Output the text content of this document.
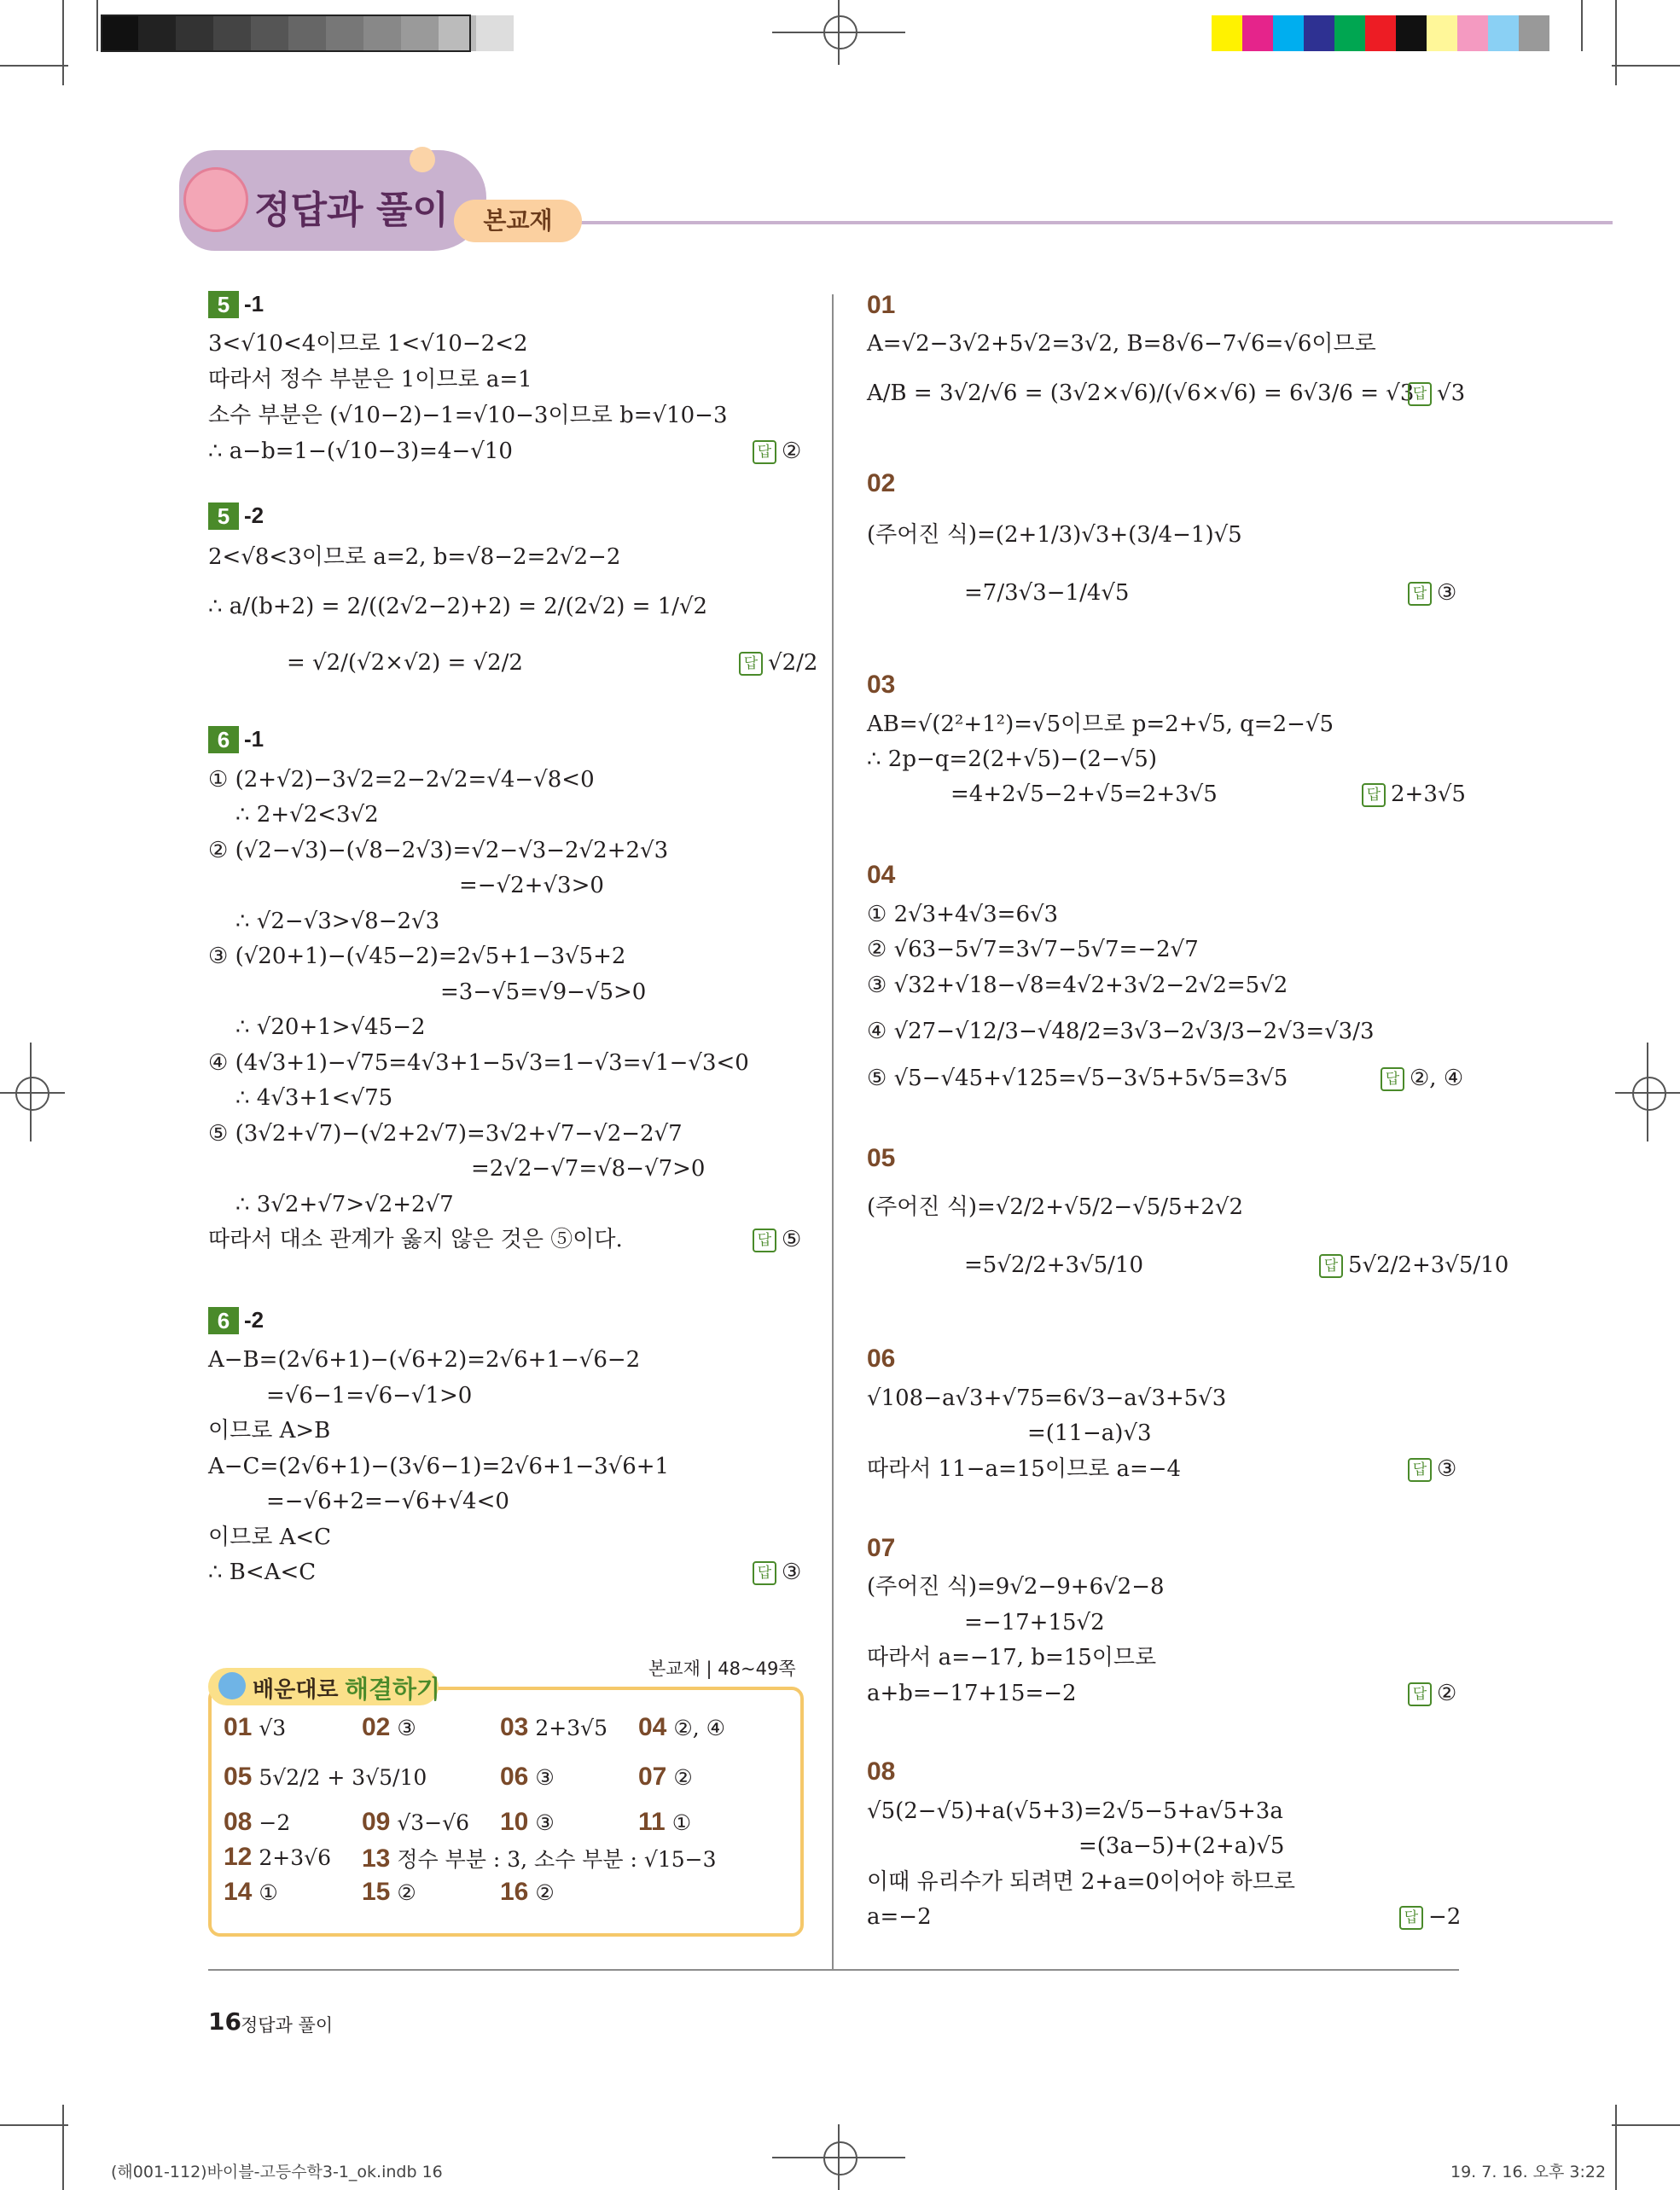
정답과 풀이	본교재
5 -1
3<√10<4이므로 1<√10−2<2
따라서 정수 부분은 1이므로 a=1
소수 부분은 (√10−2)−1=√10−3이므로 b=√10−3
∴ a−b=1−(√10−3)=4−√10	답 ②
5 -2
2<√8<3이므로 a=2, b=√8−2=2√2−2
∴ a/(b+2) = 2/((2√2−2)+2) = 2/(2√2) = 1/√2
= √2/(√2×√2) = √2/2	답 √2/2
6 -1
① (2+√2)−3√2=2−2√2=√4−√8<0
∴ 2+√2<3√2
② (√2−√3)−(√8−2√3)=√2−√3−2√2+2√3
=−√2+√3>0
∴ √2−√3>√8−2√3
③ (√20+1)−(√45−2)=2√5+1−3√5+2
=3−√5=√9−√5>0
∴ √20+1>√45−2
④ (4√3+1)−√75=4√3+1−5√3=1−√3=√1−√3<0
∴ 4√3+1<√75
⑤ (3√2+√7)−(√2+2√7)=3√2+√7−√2−2√7
=2√2−√7=√8−√7>0
∴ 3√2+√7>√2+2√7
따라서 대소 관계가 옳지 않은 것은 ⑤이다.	답 ⑤
6 -2
A−B=(2√6+1)−(√6+2)=2√6+1−√6−2
=√6−1=√6−√1>0
이므로 A>B
A−C=(2√6+1)−(3√6−1)=2√6+1−3√6+1
=−√6+2=−√6+√4<0
이므로 A<C
∴ B<A<C	답 ③
본교재 | 48~49쪽
배운대로 해결하기
01 √3	02 ③	03 2+3√5 04 ②, ④
05 5√2/2 + 3√5/10	06 ③	07 ②
08 −2	09 √3−√6 10 ③	11 ①
12 2+3√6 13 정수 부분 : 3, 소수 부분 : √15−3
14 ①	15 ②	16 ②
01
A=√2−3√2+5√2=3√2, B=8√6−7√6=√6이므로
A/B = 3√2/√6 = (3√2×√6)/(√6×√6) = 6√3/6 = √3
답 √3
02
(주어진 식)=(2+1/3)√3+(3/4−1)√5
=7/3√3−1/4√5	답 ③
03
AB=√(2²+1²)=√5이므로 p=2+√5, q=2−√5
∴ 2p−q=2(2+√5)−(2−√5)
=4+2√5−2+√5=2+3√5	답 2+3√5
04
① 2√3+4√3=6√3
② √63−5√7=3√7−5√7=−2√7
③ √32+√18−√8=4√2+3√2−2√2=5√2
④ √27−√12/3−√48/2=3√3−2√3/3−2√3=√3/3
⑤ √5−√45+√125=√5−3√5+5√5=3√5	답 ②, ④
05
(주어진 식)=√2/2+√5/2−√5/5+2√2
=5√2/2+3√5/10	답 5√2/2+3√5/10
06
√108−a√3+√75=6√3−a√3+5√3
=(11−a)√3
따라서 11−a=15이므로 a=−4	답 ③
07
(주어진 식)=9√2−9+6√2−8
=−17+15√2
따라서 a=−17, b=15이므로
a+b=−17+15=−2	답 ②
08
√5(2−√5)+a(√5+3)=2√5−5+a√5+3a
=(3a−5)+(2+a)√5
이때 유리수가 되려면 2+a=0이어야 하므로
a=−2	답 −2
16 정답과 풀이
(해001-112)바이블-고등수학3-1_ok.indb 16	19. 7. 16. 오후 3:22
